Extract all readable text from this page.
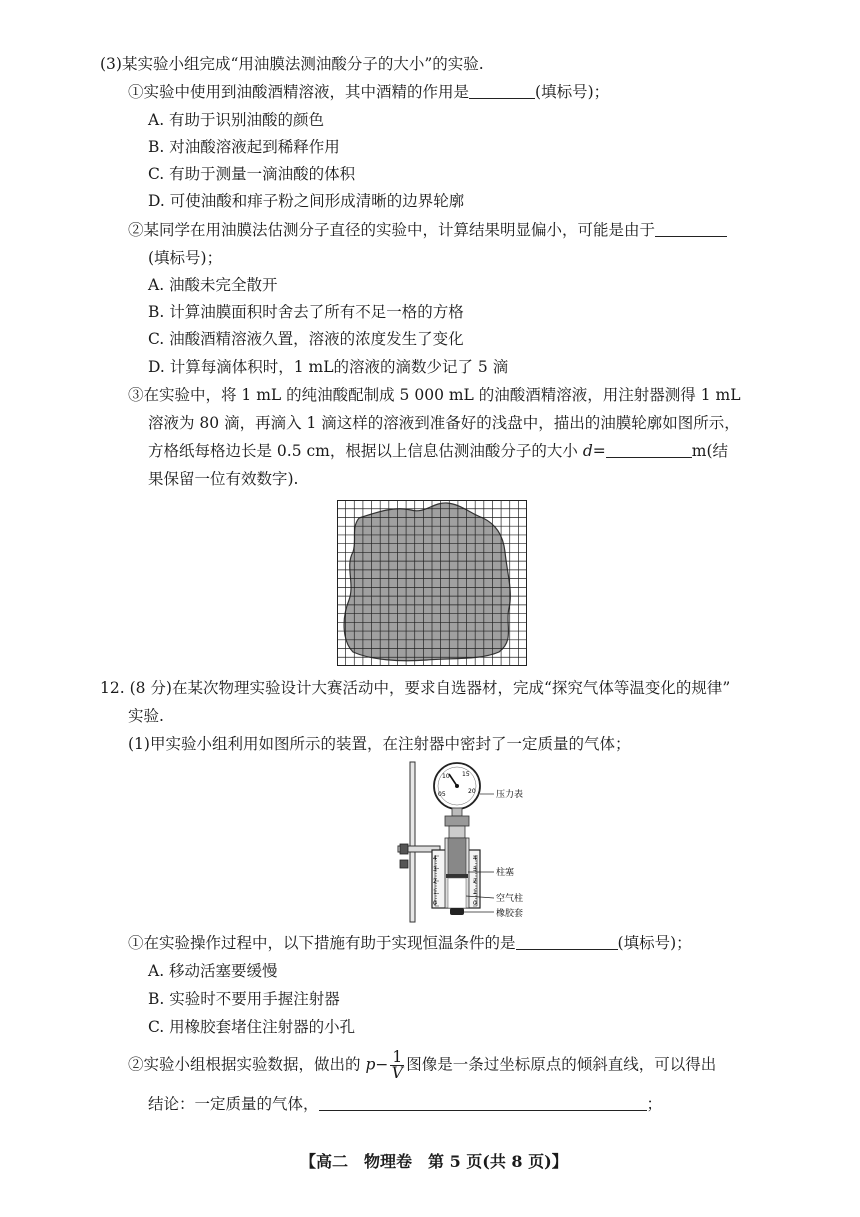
(3)某实验小组完成“用油膜法测油酸分子的大小”的实验.
①实验中使用到油酸酒精溶液，其中酒精的作用是	(填标号)；
A. 有助于识别油酸的颜色
B. 对油酸溶液起到稀释作用
C. 有助于测量一滴油酸的体积
D. 可使油酸和痱子粉之间形成清晰的边界轮廓
②某同学在用油膜法估测分子直径的实验中，计算结果明显偏小，可能是由于
(填标号)；
A. 油酸未完全散开
B. 计算油膜面积时舍去了所有不足一格的方格
C. 油酸酒精溶液久置，溶液的浓度发生了变化
D. 计算每滴体积时，1 mL的溶液的滴数少记了 5 滴
③在实验中，将 1 mL 的纯油酸配制成 5 000 mL 的油酸酒精溶液，用注射器测得 1 mL
溶液为 80 滴，再滴入 1 滴这样的溶液到准备好的浅盘中，描出的油膜轮廓如图所示，
方格纸每格边长是 0.5 cm，根据以上信息估测油酸分子的大小 d=	m(结
果保留一位有效数字).
12. (8 分)在某次物理实验设计大赛活动中，要求自选器材，完成“探究气体等温变化的规律”
实验.
(1)甲实验小组利用如图所示的装置，在注射器中密封了一定质量的气体；
05
10 15
20
4
3
2
1
0
4
3
2
1
0
压力表
柱塞
空气柱
橡胶套
①在实验操作过程中，以下措施有助于实现恒温条件的是	(填标号)；
A. 移动活塞要缓慢
B. 实验时不要用手握注射器
C. 用橡胶套堵住注射器的小孔
②实验小组根据实验数据，做出的 $p- \frac{1}{V}$ 图像是一条过坐标原点的倾斜直线，可以得出
结论：一定质量的气体，	；
【高二　物理卷　第 5 页(共 8 页)】
